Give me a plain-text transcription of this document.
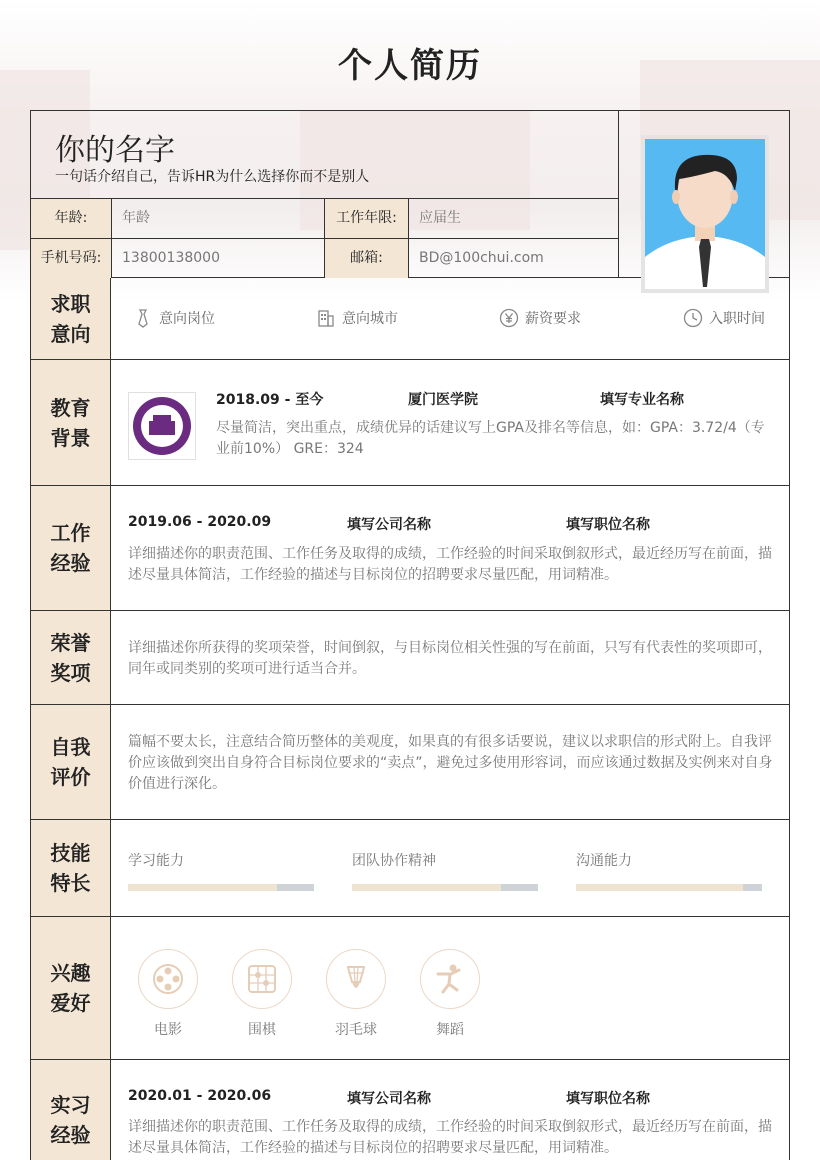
个人简历
你的名字
一句话介绍自己，告诉HR为什么选择你而不是别人
年龄:	年龄	工作年限:	应届生
手机号码:	13800138000	邮箱:	BD@100chui.com
求职
意向
意向岗位	意向城市	薪资要求	入职时间
教育
背景
2018.09 - 至今	厦门医学院	填写专业名称
尽量简洁，突出重点，成绩优异的话建议写上GPA及排名等信息，如：GPA：3.72/4（专业前10%） GRE：324
工作
经验
2019.06 - 2020.09	填写公司名称	填写职位名称
详细描述你的职责范围、工作任务及取得的成绩，工作经验的时间采取倒叙形式，最近经历写在前面，描述尽量具体简洁，工作经验的描述与目标岗位的招聘要求尽量匹配，用词精准。
荣誉
奖项
详细描述你所获得的奖项荣誉，时间倒叙，与目标岗位相关性强的写在前面，只写有代表性的奖项即可，同年或同类别的奖项可进行适当合并。
自我
评价
篇幅不要太长，注意结合简历整体的美观度，如果真的有很多话要说，建议以求职信的形式附上。自我评价应该做到突出自身符合目标岗位要求的“卖点”，避免过多使用形容词，而应该通过数据及实例来对自身价值进行深化。
技能
特长
学习能力	团队协作精神	沟通能力
兴趣
爱好
电影	围棋	羽毛球	舞蹈
实习
经验
2020.01 - 2020.06	填写公司名称	填写职位名称
详细描述你的职责范围、工作任务及取得的成绩，工作经验的时间采取倒叙形式，最近经历写在前面，描述尽量具体简洁，工作经验的描述与目标岗位的招聘要求尽量匹配，用词精准。
